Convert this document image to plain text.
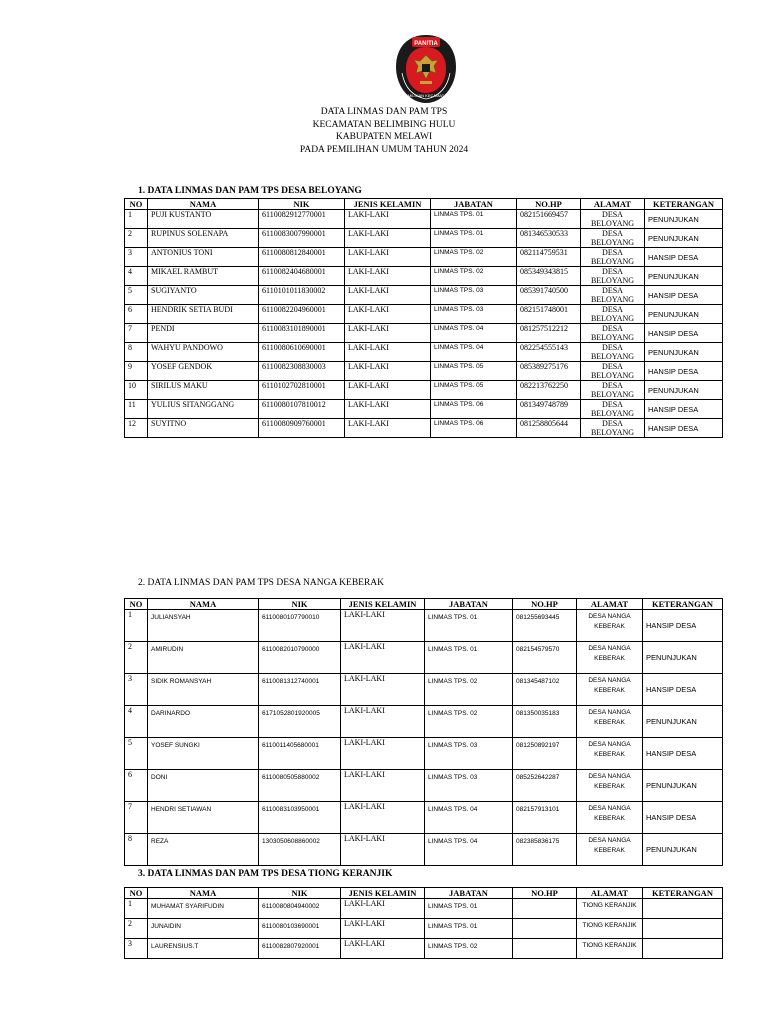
PANITIA
PEMILIHAN KECAMATAN
DATA LINMAS DAN PAM TPS
KECAMATAN BELIMBING HULU
KABUPATEN MELAWI
PADA PEMILIHAN UMUM TAHUN 2024
1. DATA LINMAS DAN PAM TPS DESA BELOYANG
2. DATA LINMAS DAN PAM TPS DESA NANGA KEBERAK
3. DATA LINMAS DAN PAM TPS DESA TIONG KERANJIK
NO	NAMA	NIK	JENIS KELAMIN	JABATAN	NO.HP	ALAMAT	KETERANGAN
1	PUJI KUSTANTO	6110082912770001	LAKI-LAKI	LINMAS TPS. 01	082151669457	DESA BELOYANG	PENUNJUKAN
2	RUPINUS SOLENAPA	6110083007990001	LAKI-LAKI	LINMAS TPS. 01	081346530533	DESA BELOYANG	PENUNJUKAN
3	ANTONIUS TONI	6110080812840001	LAKI-LAKI	LINMAS TPS. 02	082114759531	DESA BELOYANG	HANSIP DESA
4	MIKAEL RAMBUT	6110082404680001	LAKI-LAKI	LINMAS TPS. 02	085349343815	DESA BELOYANG	PENUNJUKAN
5	SUGIYANTO	6110101011830002	LAKI-LAKI	LINMAS TPS. 03	085391740500	DESA BELOYANG	HANSIP DESA
6	HENDRIK SETIA BUDI	6110082204960001	LAKI-LAKI	LINMAS TPS. 03	082151748001	DESA BELOYANG	PENUNJUKAN
7	PENDI	6110083101890001	LAKI-LAKI	LINMAS TPS. 04	081257512212	DESA BELOYANG	HANSIP DESA
8	WAHYU PANDOWO	6110080610690001	LAKI-LAKI	LINMAS TPS. 04	082254555143	DESA BELOYANG	PENUNJUKAN
9	YOSEF GENDOK	6110082308830003	LAKI-LAKI	LINMAS TPS. 05	085389275176	DESA BELOYANG	HANSIP DESA
10	SIRILUS MAKU	6110102702810001	LAKI-LAKI	LINMAS TPS. 05	082213762250	DESA BELOYANG	PENUNJUKAN
11	YULIUS SITANGGANG	6110080107810012	LAKI-LAKI	LINMAS TPS. 06	081349748789	DESA BELOYANG	HANSIP DESA
12	SUYITNO	6110080909760001	LAKI-LAKI	LINMAS TPS. 06	081258805644	DESA BELOYANG	HANSIP DESA
NO	NAMA	NIK	JENIS KELAMIN	JABATAN	NO.HP	ALAMAT	KETERANGAN
1	JULIANSYAH	6110080107790010	LAKI-LAKI	LINMAS TPS. 01	081255693445	DESA NANGA KEBERAK	HANSIP DESA
2	AMIRUDIN	6110082010790000	LAKI-LAKI	LINMAS TPS. 01	082154579570	DESA NANGA KEBERAK	PENUNJUKAN
3	SIDIK ROMANSYAH	6110081312740001	LAKI-LAKI	LINMAS TPS. 02	081345487102	DESA NANGA KEBERAK	HANSIP DESA
4	DARINARDO	6171052801920005	LAKI-LAKI	LINMAS TPS. 02	081350035183	DESA NANGA KEBERAK	PENUNJUKAN
5	YOSEF SUNGKI	6110011405680001	LAKI-LAKI	LINMAS TPS. 03	081250892197	DESA NANGA KEBERAK	HANSIP DESA
6	DONI	6110080505880002	LAKI-LAKI	LINMAS TPS. 03	085252642287	DESA NANGA KEBERAK	PENUNJUKAN
7	HENDRI SETIAWAN	6110083103950001	LAKI-LAKI	LINMAS TPS. 04	082157913101	DESA NANGA KEBERAK	HANSIP DESA
8	REZA	1303050608860002	LAKI-LAKI	LINMAS TPS. 04	082385836175	DESA NANGA KEBERAK	PENUNJUKAN
NO	NAMA	NIK	JENIS KELAMIN	JABATAN	NO.HP	ALAMAT	KETERANGAN
1	MUHAMAT SYARIFUDIN	6110080804940002	LAKI-LAKI	LINMAS TPS. 01		TIONG KERANJIK	
2	JUNAIDIN	6110080103690001	LAKI-LAKI	LINMAS TPS. 01		TIONG KERANJIK	
3	LAURENSIUS.T	6110082807920001	LAKI-LAKI	LINMAS TPS. 02		TIONG KERANJIK	
